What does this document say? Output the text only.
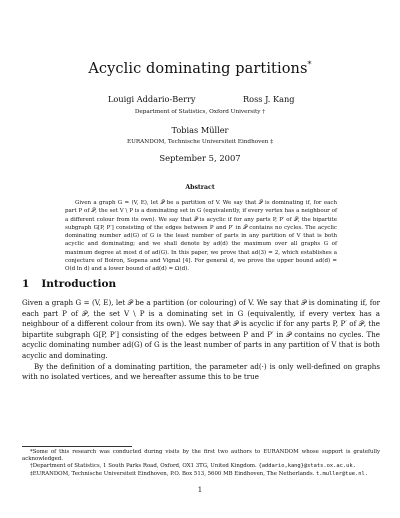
Acyclic dominating partitions*
Louigi Addario-Berry	Ross J. Kang
Department of Statistics, Oxford University †
Tobias Müller
EURANDOM, Technische Universiteit Eindhoven ‡
September 5, 2007
Abstract
Given a graph G = (V, E), let 𝒫 be a partition of V. We say that 𝒫 is dominating if, for each part P of 𝒫, the set V \ P is a dominating set in G (equivalently, if every vertex has a neighbour of a different colour from its own). We say that 𝒫 is acyclic if for any parts P, P′ of 𝒫, the bipartite subgraph G[P, P′] consisting of the edges between P and P′ in 𝒫 contains no cycles. The acyclic dominating number ad(G) of G is the least number of parts in any partition of V that is both acyclic and dominating; and we shall denote by ad(d) the maximum over all graphs G of maximum degree at most d of ad(G). In this paper, we prove that ad(3) = 2, which establishes a conjecture of Boiron, Sopena and Vignal [4]. For general d, we prove the upper bound ad(d) = O(d ln d) and a lower bound of ad(d) = Ω(d).
1 Introduction

Given a graph G = (V, E), let 𝒫 be a partition (or colouring) of V. We say that 𝒫 is dominating if, for each part P of 𝒫, the set V \ P is a dominating set in G (equivalently, if every vertex has a neighbour of a different colour from its own). We say that 𝒫 is acyclic if for any parts P, P′ of 𝒫, the bipartite subgraph G[P, P′] consisting of the edges between P and P′ in 𝒫 contains no cycles. The acyclic dominating number ad(G) of G is the least number of parts in any partition of V that is both acyclic and dominating.

By the definition of a dominating partition, the parameter ad(·) is only well-defined on graphs with no isolated vertices, and we hereafter assume this to be true

*Some of this research was conducted during visits by the first two authors to EURANDOM whose support is gratefully acknowledged.

†Department of Statistics, 1 South Parks Road, Oxford, OX1 3TG, United Kingdom. {addario,kang}@stats.ox.ac.uk.

‡EURANDOM, Technische Universiteit Eindhoven, P.O. Box 513, 5600 MB Eindhoven, The Netherlands. t.muller@tue.nl.

1
